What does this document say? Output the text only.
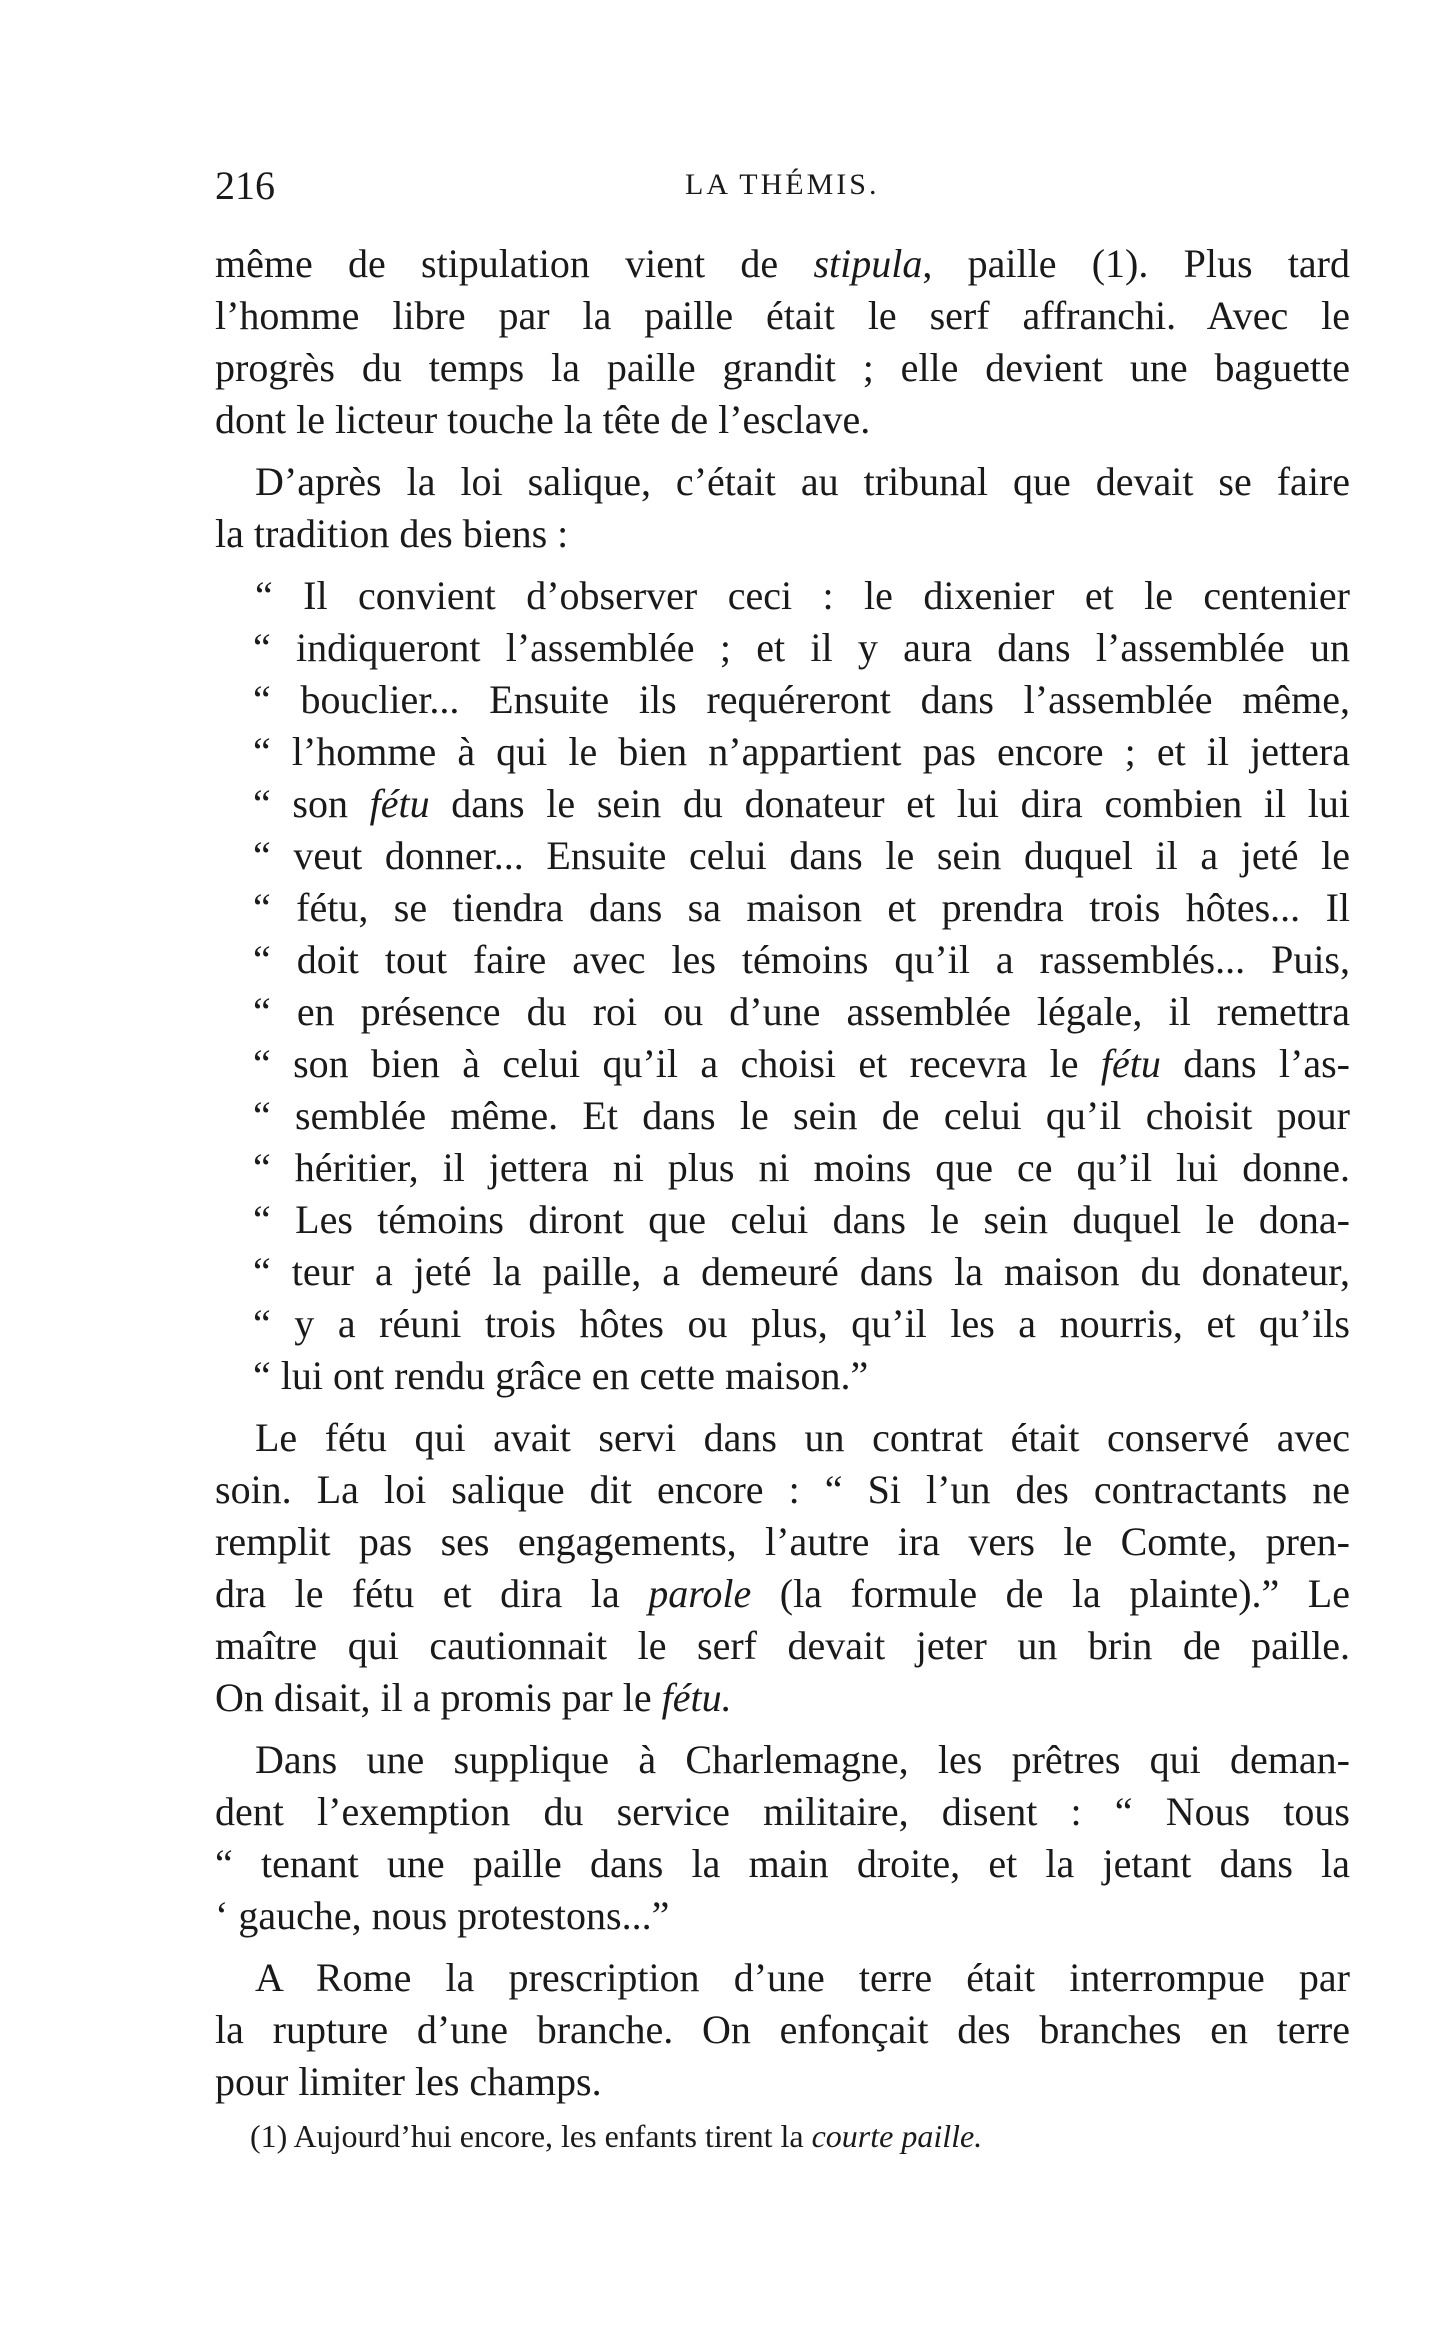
216	LA THÉMIS.
même de stipulation vient de stipula, paille (1). Plus tard
l’homme libre par la paille était le serf affranchi. Avec le
progrès du temps la paille grandit ; elle devient une baguette
dont le licteur touche la tête de l’esclave.
D’après la loi salique, c’était au tribunal que devait se faire
la tradition des biens :
“ Il convient d’observer ceci : le dixenier et le centenier
“ indiqueront l’assemblée ; et il y aura dans l’assemblée un
“ bouclier... Ensuite ils requéreront dans l’assemblée même,
“ l’homme à qui le bien n’appartient pas encore ; et il jettera
“ son fétu dans le sein du donateur et lui dira combien il lui
“ veut donner... Ensuite celui dans le sein duquel il a jeté le
“ fétu, se tiendra dans sa maison et prendra trois hôtes... Il
“ doit tout faire avec les témoins qu’il a rassemblés... Puis,
“ en présence du roi ou d’une assemblée légale, il remettra
“ son bien à celui qu’il a choisi et recevra le fétu dans l’as-
“ semblée même. Et dans le sein de celui qu’il choisit pour
“ héritier, il jettera ni plus ni moins que ce qu’il lui donne.
“ Les témoins diront que celui dans le sein duquel le dona-
“ teur a jeté la paille, a demeuré dans la maison du donateur,
“ y a réuni trois hôtes ou plus, qu’il les a nourris, et qu’ils
“ lui ont rendu grâce en cette maison.”
Le fétu qui avait servi dans un contrat était conservé avec
soin. La loi salique dit encore : “ Si l’un des contractants ne
remplit pas ses engagements, l’autre ira vers le Comte, pren-
dra le fétu et dira la parole (la formule de la plainte).” Le
maître qui cautionnait le serf devait jeter un brin de paille.
On disait, il a promis par le fétu.
Dans une supplique à Charlemagne, les prêtres qui deman-
dent l’exemption du service militaire, disent : “ Nous tous
“ tenant une paille dans la main droite, et la jetant dans la
‘ gauche, nous protestons...”
A Rome la prescription d’une terre était interrompue par
la rupture d’une branche. On enfonçait des branches en terre
pour limiter les champs.
(1) Aujourd’hui encore, les enfants tirent la courte paille.
